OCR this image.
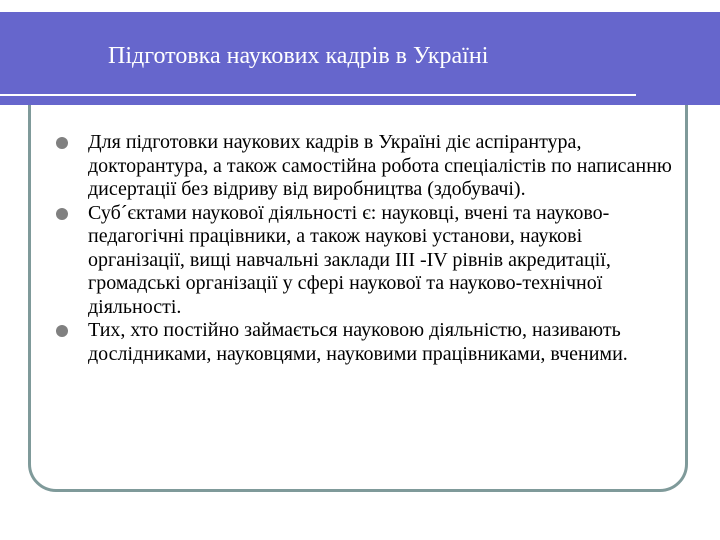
Підготовка наукових кадрів в Україні
Для підготовки наукових кадрів в Україні діє аспірантура, докторантура, а також самостійна робота спеціалістів по написанню дисертації без відриву від виробництва (здобувачі).
Суб´єктами наукової діяльності є: науковці, вчені та науково-педагогічні працівники, а також наукові установи, наукові організації, вищі навчальні заклади ІІІ -ІV рівнів акредитації, громадські організації у сфері наукової та науково-технічної діяльності.
Тих, хто постійно займається науковою діяльністю, називають дослідниками, науковцями, науковими працівниками, вченими.
